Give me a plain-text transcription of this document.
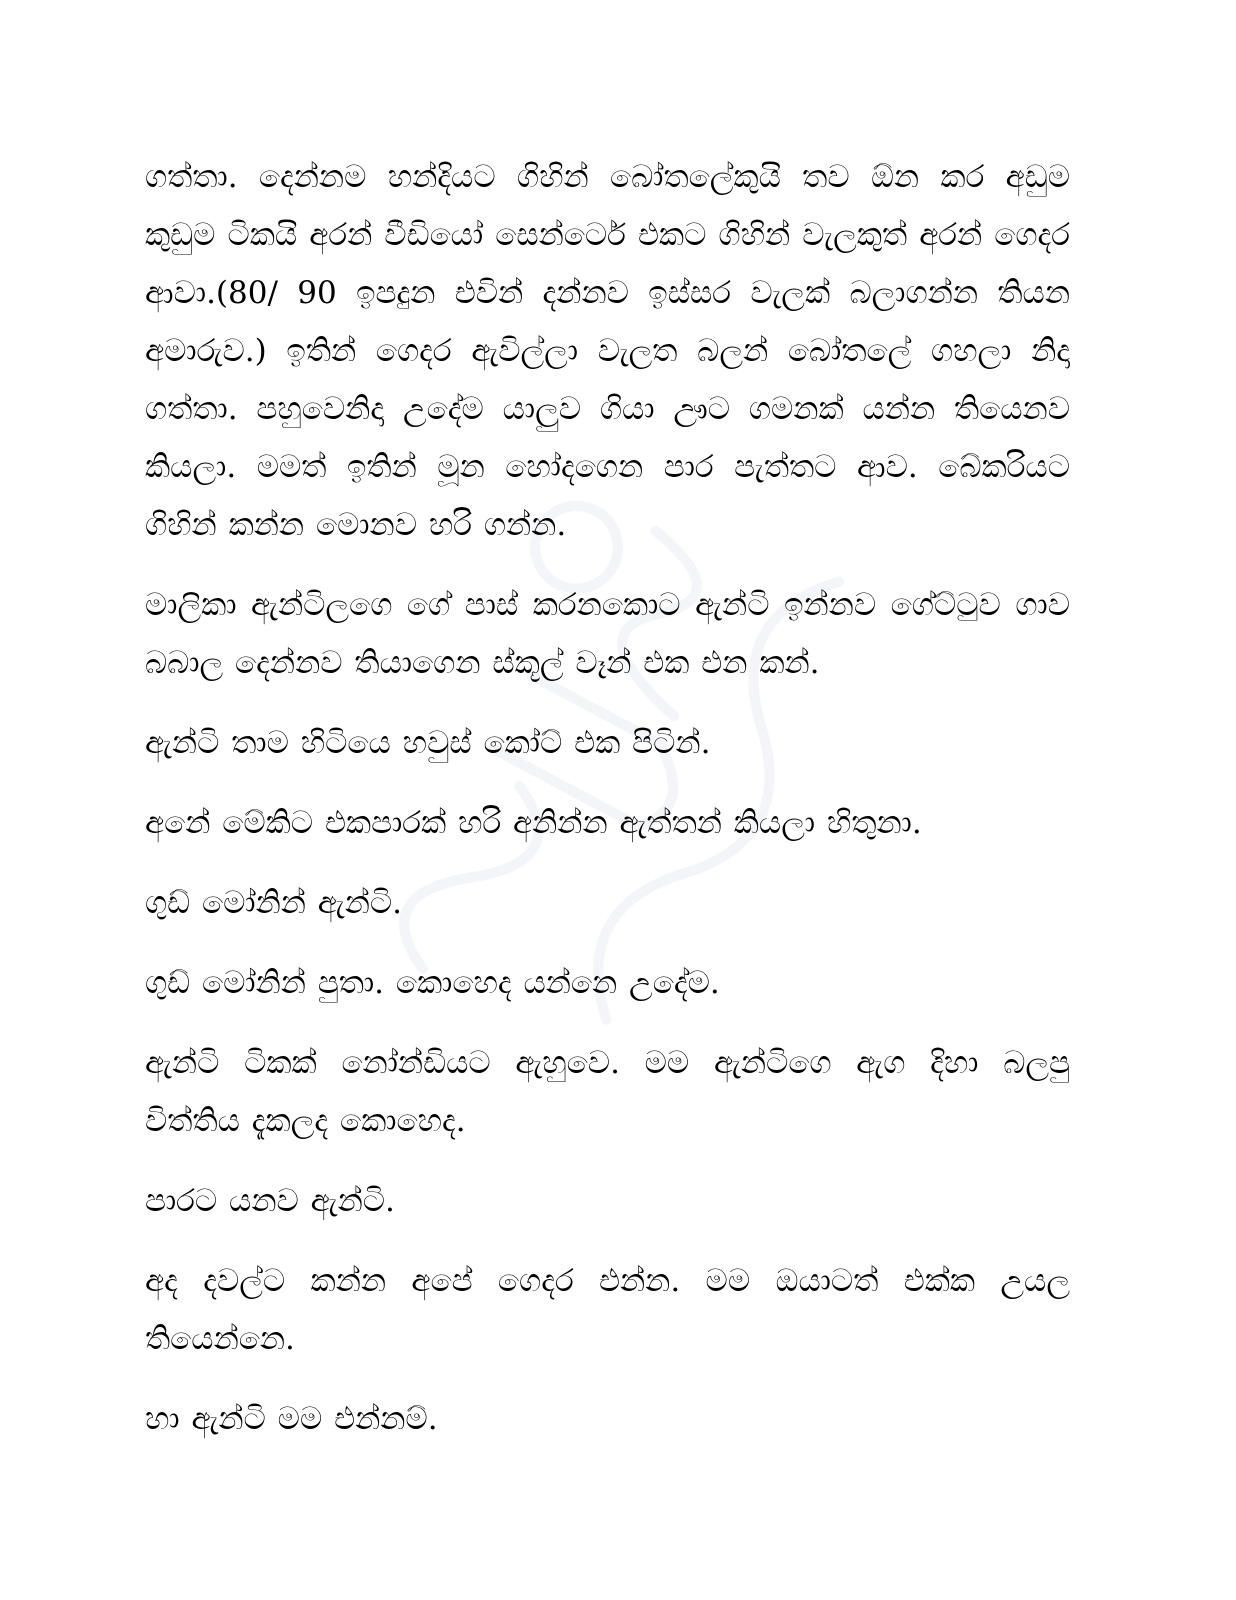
ගත්තා. දෙන්නම හන්දියට ගිහින් බෝතලේකුයි තව ඕන කර අඩුම කුඩුම ටිකයි අරන් වීඩියෝ සෙන්ටෙර් එකට ගිහින් වැලකුත් අරන් ගෙදර ආවා.(80/ 90 ඉපදුන එවින් දන්නව ඉස්සර වැලක් බලාගන්න තියන අමාරුව.) ඉතින් ගෙදර ඇවිල්ලා වැලත බලන් බෝතලේ ගහලා නිදා ගත්තා. පහුවෙනිදා උදේම යාලුව ගියා ඌට ගමනක් යන්න තියෙනව කියලා. මමත් ඉතින් මූන හෝදගෙන පාර පැත්තට ආව. බේකරියට ගිහින් කන්න මොනව හරි ගන්න.

මාලිකා ඇන්ටිලගෙ ගේ පාස් කරනකොට ඇන්ටි ඉන්නව ගේට්ටුව ගාව බබාල දෙන්නව තියාගෙන ස්කූල් වෑන් එක එන කන්.

ඇන්ටි තාම හිටියෙ හවුස් කෝට් එක පිටින්.

අනේ මේකිට එකපාරක් හරි අනින්න ඇත්තන් කියලා හිතුනා.

ගුඩ් මෝනින් ඇන්ටි.

ගුඩ් මෝනින් පුතා. කොහෙද යන්නෙ උදේම.

ඇන්ටි ටිකක් නෝන්ඩියට ඇහුවෙ. මම ඇන්ටිගෙ ඇග දිහා බලපු විත්තිය දැකලද කොහෙද.

පාරට යනව ඇන්ටි.

අද දවල්ට කන්න අපේ ගෙදර එන්න. මම ඔයාටත් එක්ක උයල තියෙන්නෙ.

හා ඇන්ටි මම එන්නම්.
